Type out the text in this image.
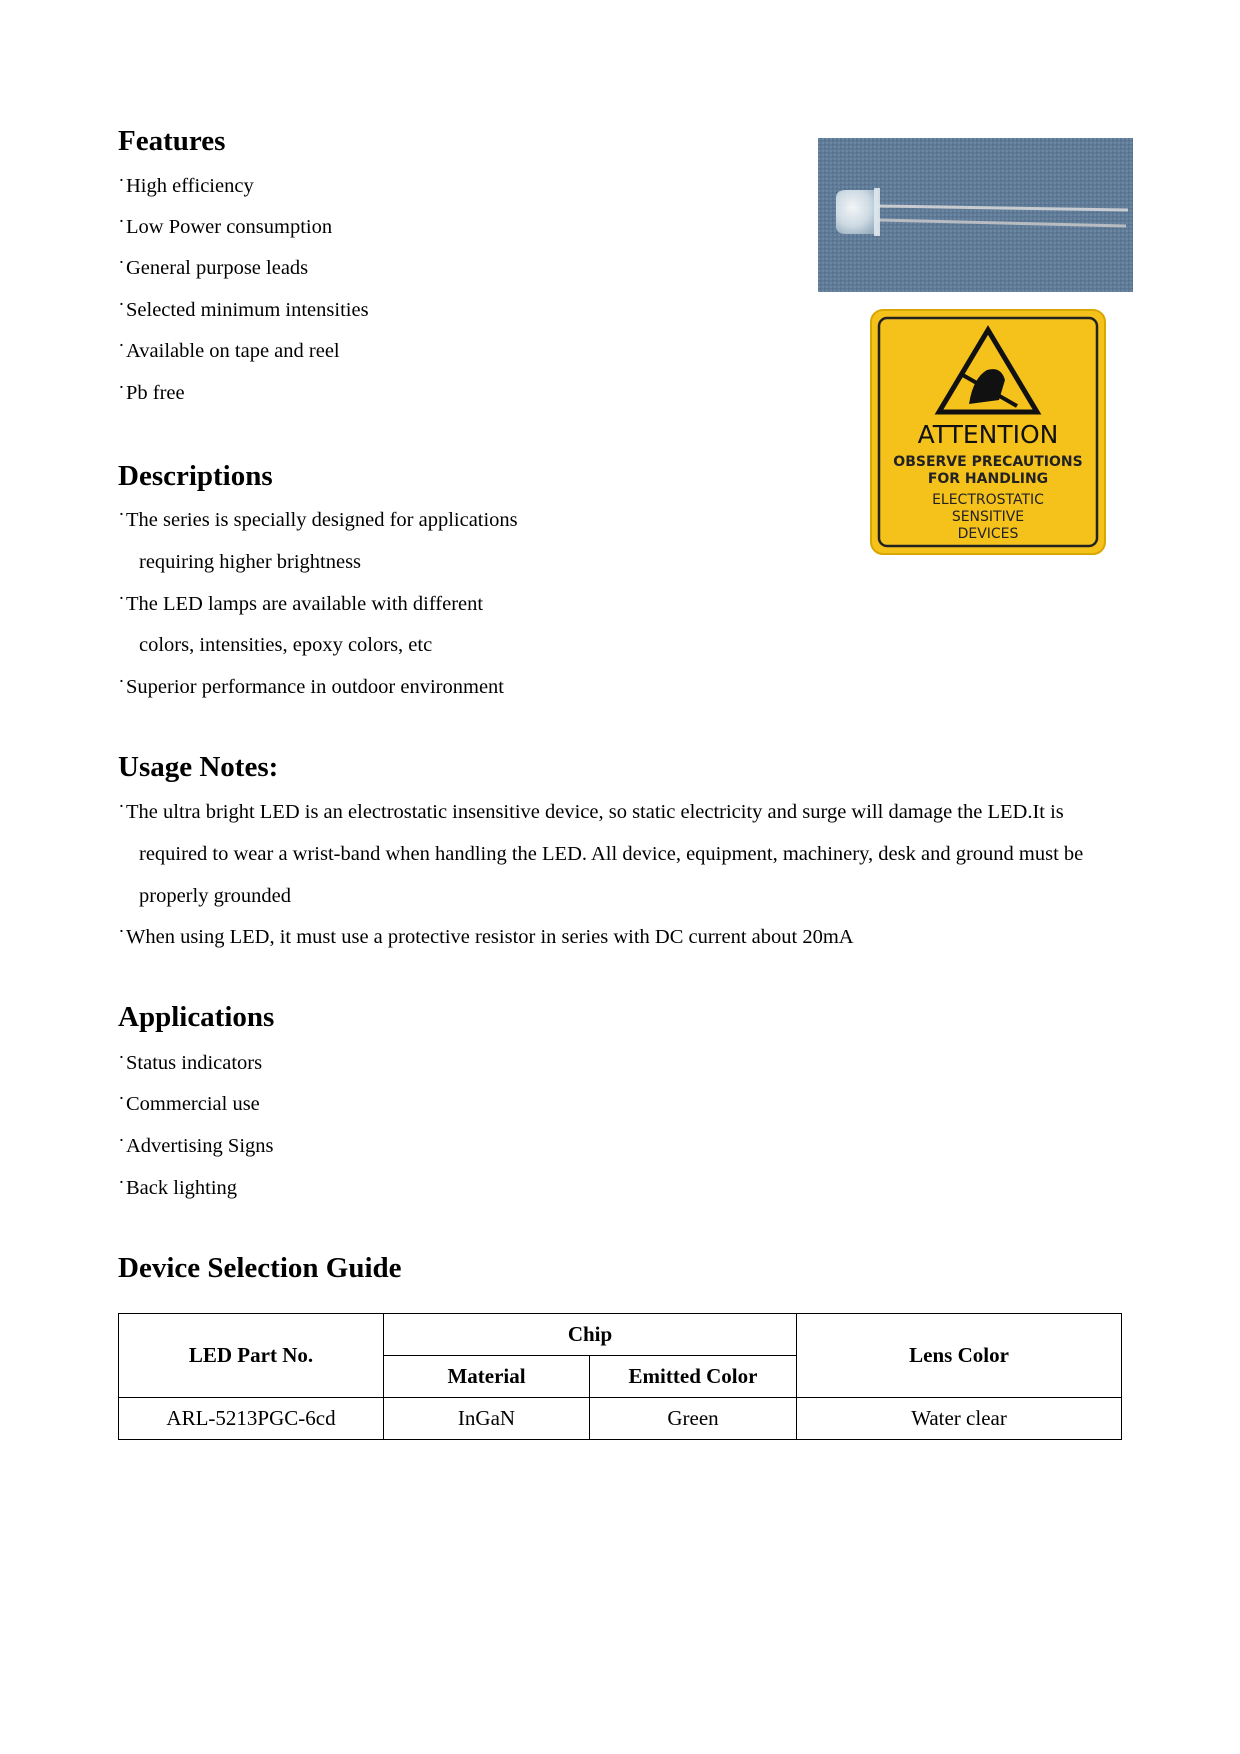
Features
˙High efficiency
˙Low Power consumption
˙General purpose leads
˙Selected minimum intensities
˙Available on tape and reel
˙Pb free
ATTENTION
OBSERVE PRECAUTIONS
FOR HANDLING
ELECTROSTATIC
SENSITIVE
DEVICES
Descriptions
˙The series is specially designed for applications
requiring higher brightness
˙The LED lamps are available with different
colors, intensities, epoxy colors, etc
˙Superior performance in outdoor environment
Usage Notes:
˙The ultra bright LED is an electrostatic insensitive device, so static electricity and surge will damage the LED.It is
required to wear a wrist-band when handling the LED. All device, equipment, machinery, desk and ground must be
properly grounded
˙When using LED, it must use a protective resistor in series with DC current about 20mA
Applications
˙Status indicators
˙Commercial use
˙Advertising Signs
˙Back lighting
Device Selection Guide
LED Part No.	Chip		Lens Color
	Material	Emitted Color	
ARL-5213PGC-6cd	InGaN	Green	Water clear
